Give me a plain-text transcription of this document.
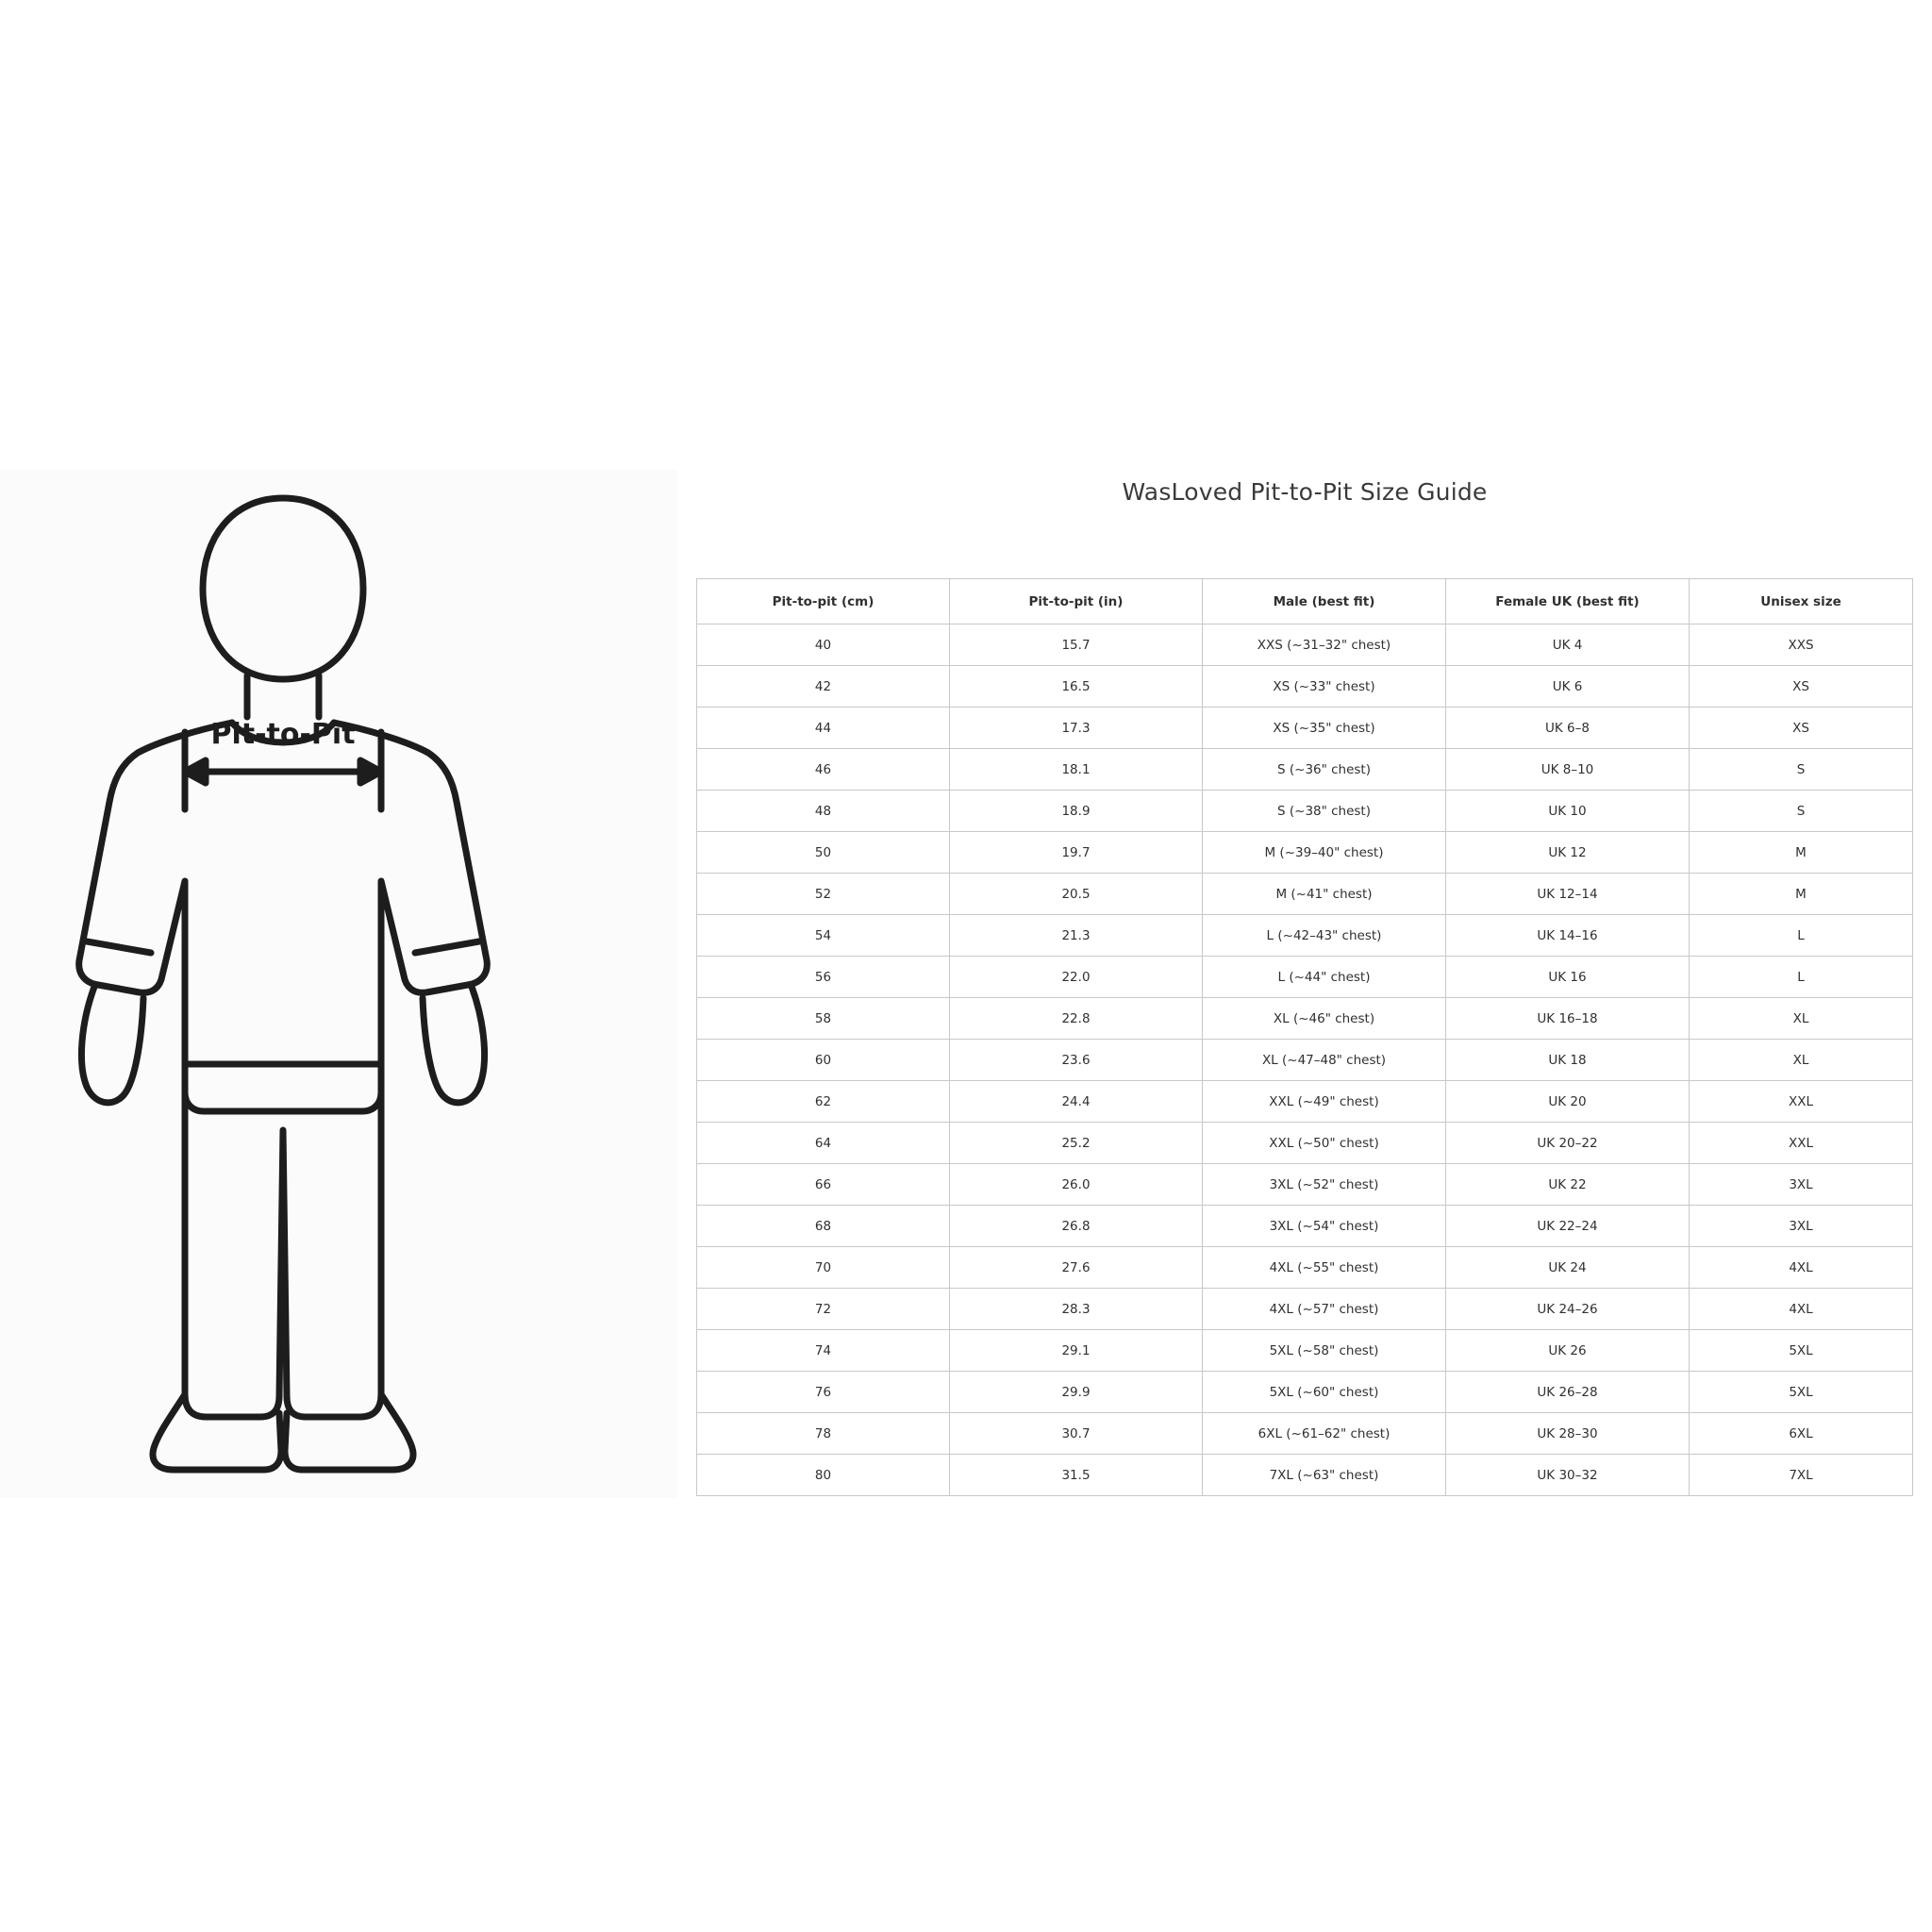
Pit-to-Pit
WasLoved Pit-to-Pit Size Guide
Pit-to-pit (cm)	Pit-to-pit (in)	Male (best fit)	Female UK (best fit)	Unisex size
40	15.7	XXS (~31–32" chest)	UK 4	XXS
42	16.5	XS (~33" chest)	UK 6	XS
44	17.3	XS (~35" chest)	UK 6–8	XS
46	18.1	S (~36" chest)	UK 8–10	S
48	18.9	S (~38" chest)	UK 10	S
50	19.7	M (~39–40" chest)	UK 12	M
52	20.5	M (~41" chest)	UK 12–14	M
54	21.3	L (~42–43" chest)	UK 14–16	L
56	22.0	L (~44" chest)	UK 16	L
58	22.8	XL (~46" chest)	UK 16–18	XL
60	23.6	XL (~47–48" chest)	UK 18	XL
62	24.4	XXL (~49" chest)	UK 20	XXL
64	25.2	XXL (~50" chest)	UK 20–22	XXL
66	26.0	3XL (~52" chest)	UK 22	3XL
68	26.8	3XL (~54" chest)	UK 22–24	3XL
70	27.6	4XL (~55" chest)	UK 24	4XL
72	28.3	4XL (~57" chest)	UK 24–26	4XL
74	29.1	5XL (~58" chest)	UK 26	5XL
76	29.9	5XL (~60" chest)	UK 26–28	5XL
78	30.7	6XL (~61–62" chest)	UK 28–30	6XL
80	31.5	7XL (~63" chest)	UK 30–32	7XL
